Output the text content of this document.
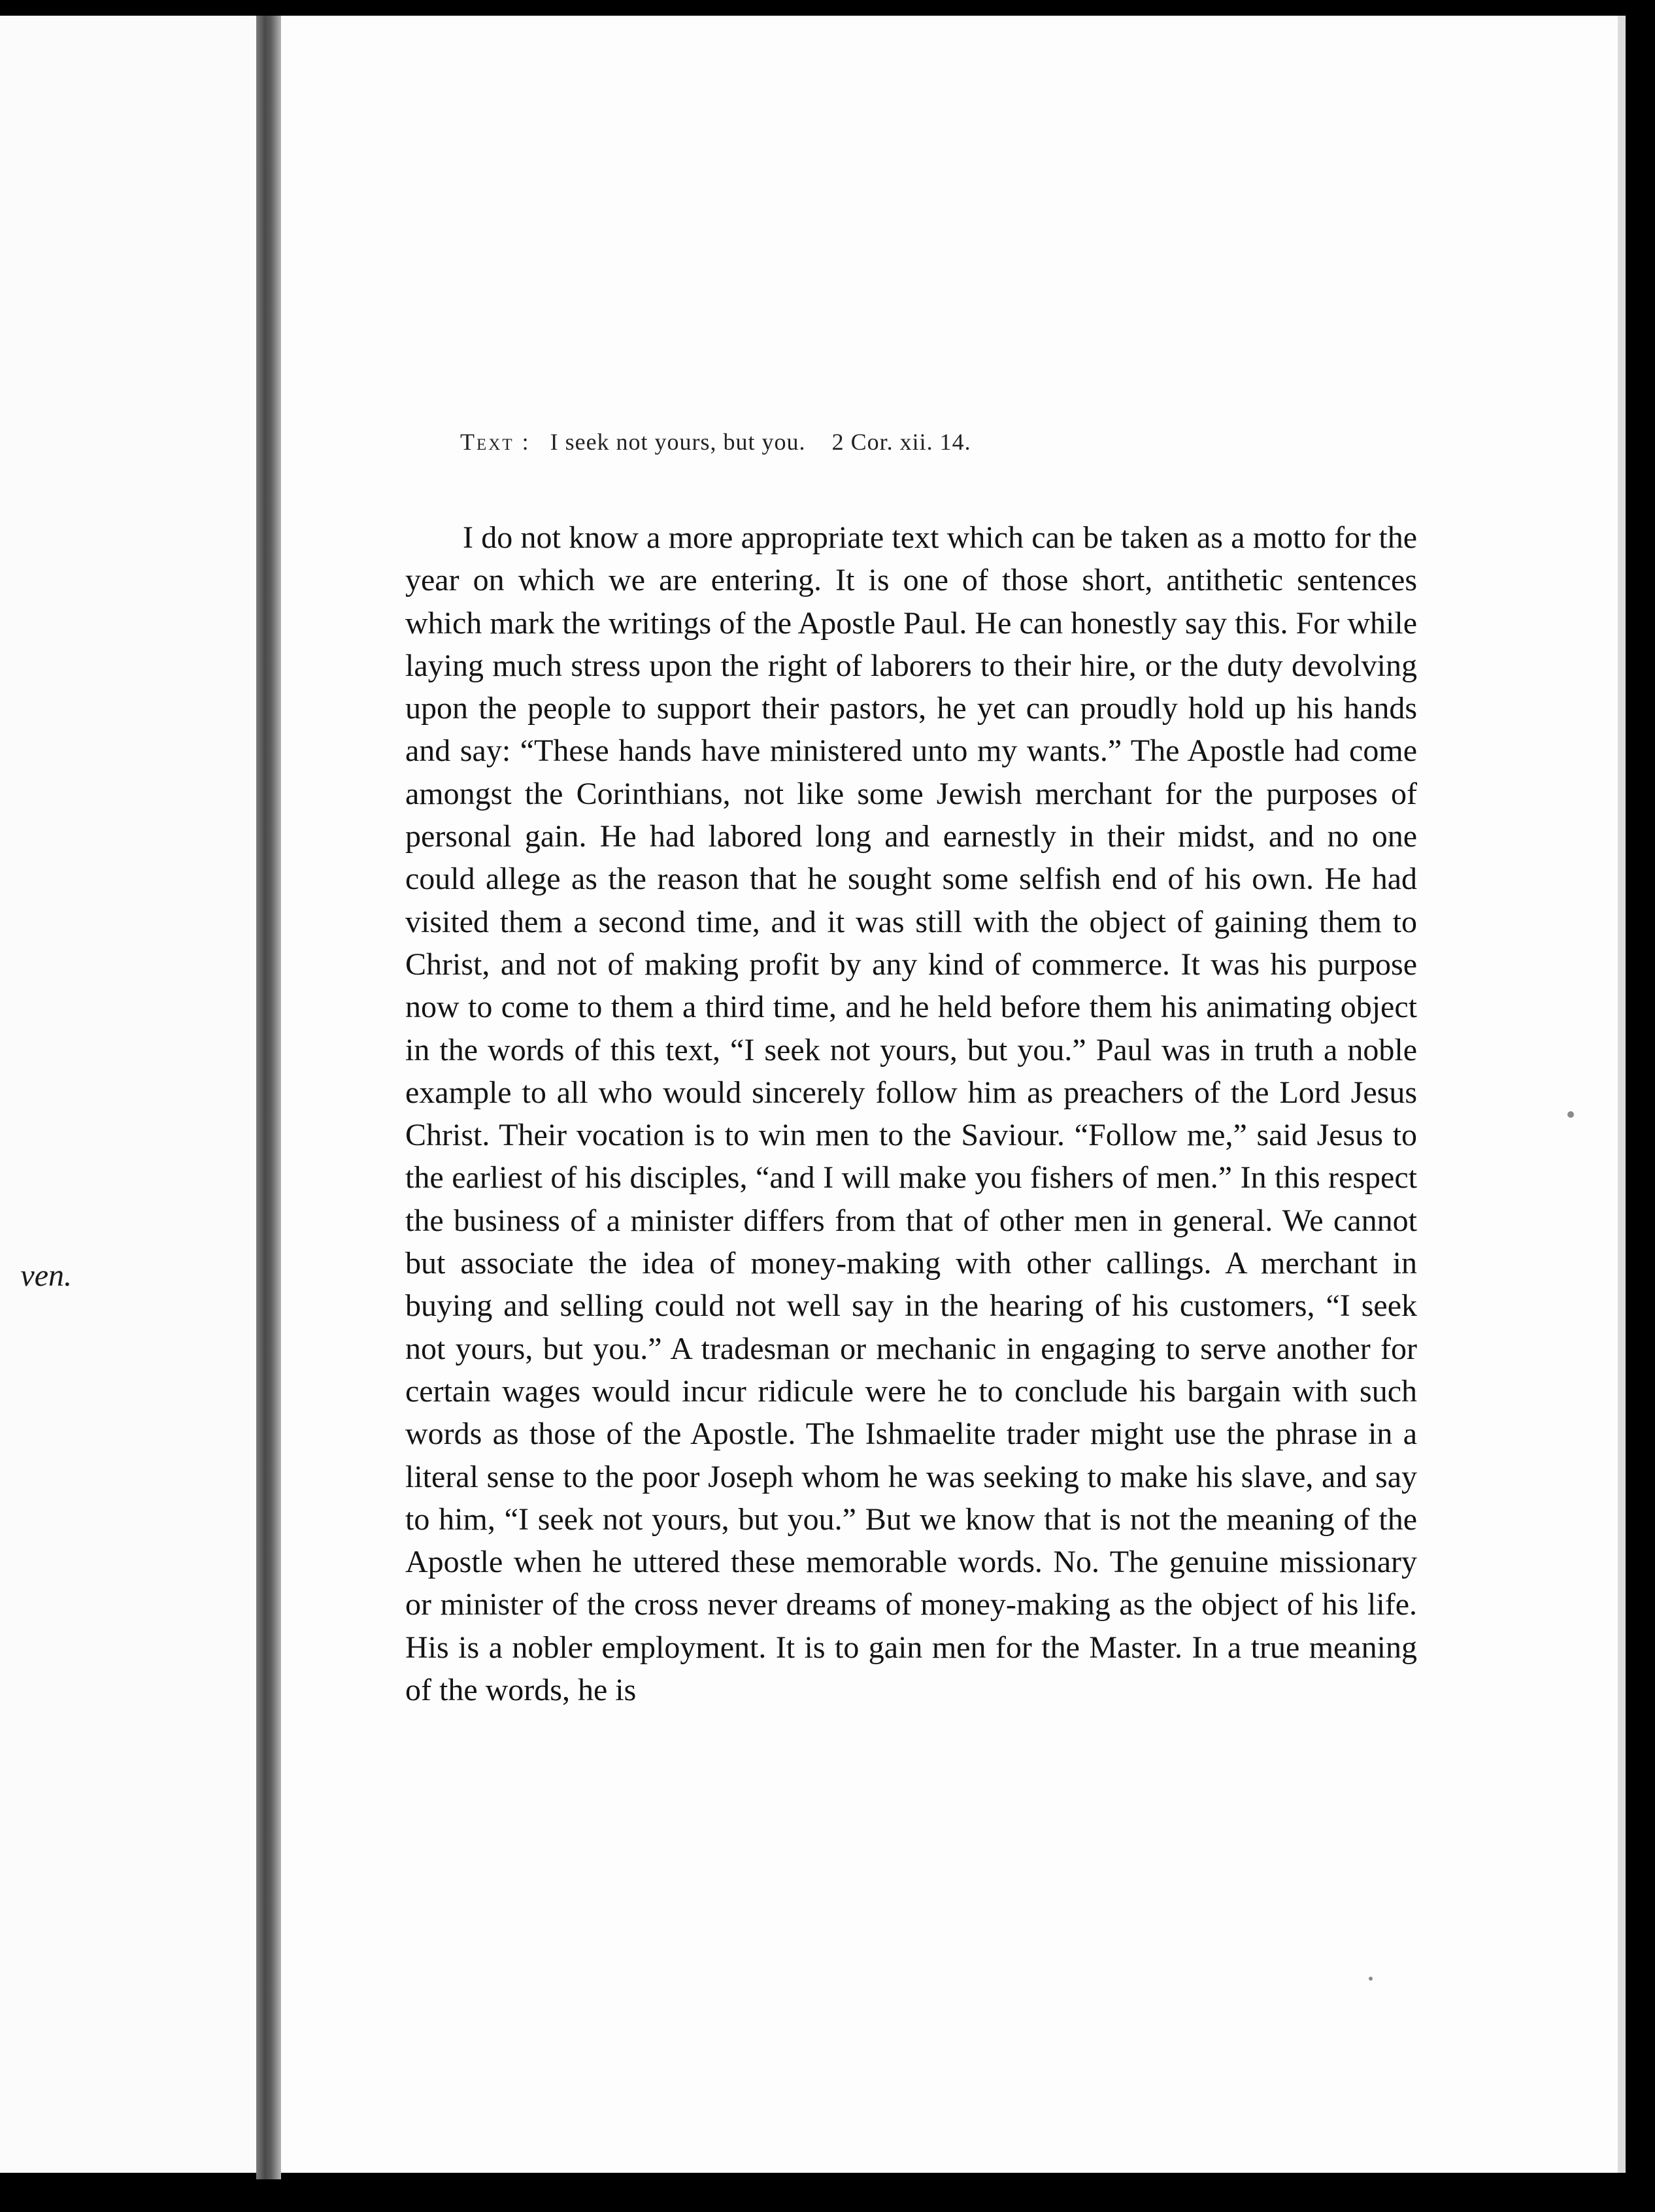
ven.
Text : I seek not yours, but you. 2 Cor. xii. 14.

I do not know a more appropriate text which can be taken as a motto for the year on which we are entering. It is one of those short, antithetic sentences which mark the writings of the Apostle Paul. He can honestly say this. For while laying much stress upon the right of laborers to their hire, or the duty devolving upon the people to support their pastors, he yet can proudly hold up his hands and say: “These hands have ministered unto my wants.” The Apostle had come amongst the Corinthians, not like some Jewish merchant for the purposes of personal gain. He had labored long and earnestly in their midst, and no one could allege as the reason that he sought some selfish end of his own. He had visited them a second time, and it was still with the object of gaining them to Christ, and not of making profit by any kind of commerce. It was his purpose now to come to them a third time, and he held before them his animating object in the words of this text, “I seek not yours, but you.” Paul was in truth a noble example to all who would sincerely follow him as preachers of the Lord Jesus Christ. Their vocation is to win men to the Saviour. “Follow me,” said Jesus to the earliest of his disciples, “and I will make you fishers of men.” In this respect the business of a minister differs from that of other men in general. We cannot but associate the idea of money-making with other callings. A merchant in buying and selling could not well say in the hearing of his customers, “I seek not yours, but you.” A tradesman or mechanic in engaging to serve another for certain wages would incur ridicule were he to conclude his bargain with such words as those of the Apostle. The Ishmaelite trader might use the phrase in a literal sense to the poor Joseph whom he was seeking to make his slave, and say to him, “I seek not yours, but you.” But we know that is not the meaning of the Apostle when he uttered these memorable words. No. The genuine missionary or minister of the cross never dreams of money-making as the object of his life. His is a nobler employment. It is to gain men for the Master. In a true meaning of the words, he is
